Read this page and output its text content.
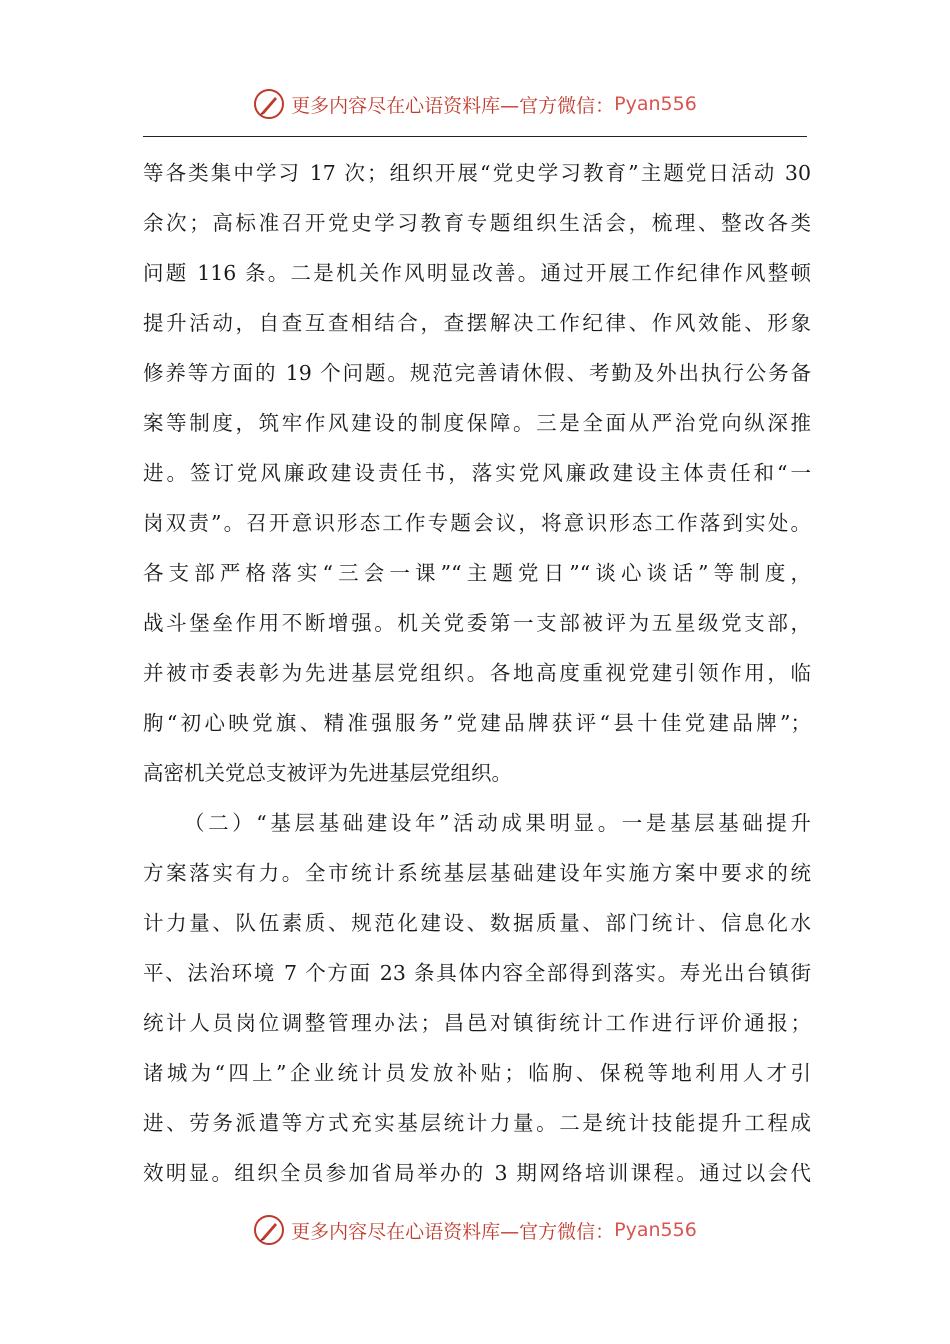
更多内容尽在心语资料库—官方微信： Pyan556
等各类集中学习 17 次；组织开展“党史学习教育”主题党日活动 30
余次；高标准召开党史学习教育专题组织生活会，梳理、整改各类
问题 116 条。二是机关作风明显改善。通过开展工作纪律作风整顿
提升活动，自查互查相结合，查摆解决工作纪律、作风效能、形象
修养等方面的 19 个问题。规范完善请休假、考勤及外出执行公务备
案等制度，筑牢作风建设的制度保障。三是全面从严治党向纵深推
进。签订党风廉政建设责任书，落实党风廉政建设主体责任和“一
岗双责”。召开意识形态工作专题会议，将意识形态工作落到实处。
各支部严格落实“三会一课”“主题党日”“谈心谈话”等制度，
战斗堡垒作用不断增强。机关党委第一支部被评为五星级党支部，
并被市委表彰为先进基层党组织。各地高度重视党建引领作用，临
朐“初心映党旗、精准强服务”党建品牌获评“县十佳党建品牌”；
高密机关党总支被评为先进基层党组织。
（二）“基层基础建设年”活动成果明显。一是基层基础提升
方案落实有力。全市统计系统基层基础建设年实施方案中要求的统
计力量、队伍素质、规范化建设、数据质量、部门统计、信息化水
平、法治环境 7 个方面 23 条具体内容全部得到落实。寿光出台镇街
统计人员岗位调整管理办法；昌邑对镇街统计工作进行评价通报；
诸城为“四上”企业统计员发放补贴；临朐、保税等地利用人才引
进、劳务派遣等方式充实基层统计力量。二是统计技能提升工程成
效明显。组织全员参加省局举办的 3 期网络培训课程。通过以会代
更多内容尽在心语资料库—官方微信： Pyan556
